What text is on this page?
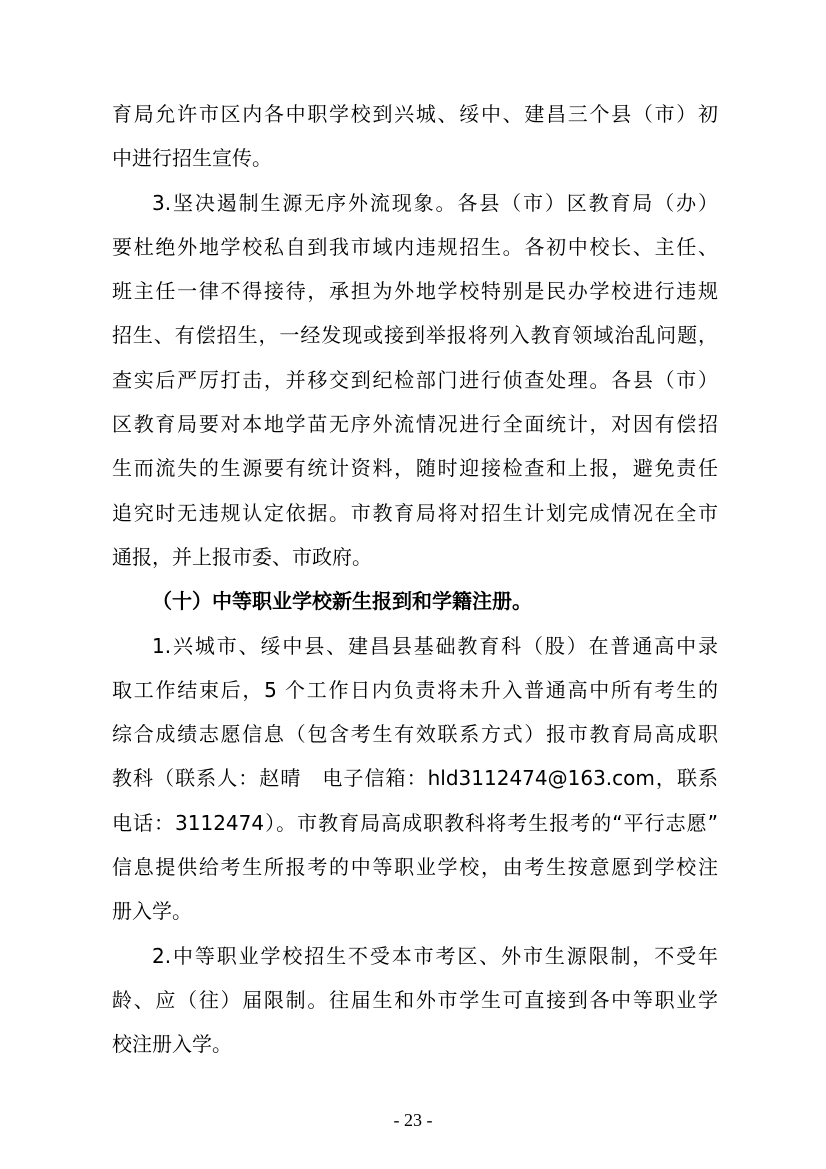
育局允许市区内各中职学校到兴城、绥中、建昌三个县（市）初
中进行招生宣传。
3.坚决遏制生源无序外流现象。各县（市）区教育局（办）
要杜绝外地学校私自到我市域内违规招生。各初中校长、主任、
班主任一律不得接待，承担为外地学校特别是民办学校进行违规
招生、有偿招生，一经发现或接到举报将列入教育领域治乱问题，
查实后严厉打击，并移交到纪检部门进行侦查处理。各县（市）
区教育局要对本地学苗无序外流情况进行全面统计，对因有偿招
生而流失的生源要有统计资料，随时迎接检查和上报，避免责任
追究时无违规认定依据。市教育局将对招生计划完成情况在全市
通报，并上报市委、市政府。
（十）中等职业学校新生报到和学籍注册。
1.兴城市、绥中县、建昌县基础教育科（股）在普通高中录
取工作结束后，5 个工作日内负责将未升入普通高中所有考生的
综合成绩志愿信息（包含考生有效联系方式）报市教育局高成职
教科（联系人：赵晴　电子信箱：hld3112474@163.com，联系
电话：3112474）。市教育局高成职教科将考生报考的“平行志愿”
信息提供给考生所报考的中等职业学校，由考生按意愿到学校注
册入学。
2.中等职业学校招生不受本市考区、外市生源限制，不受年
龄、应（往）届限制。往届生和外市学生可直接到各中等职业学
校注册入学。
- 23 -
